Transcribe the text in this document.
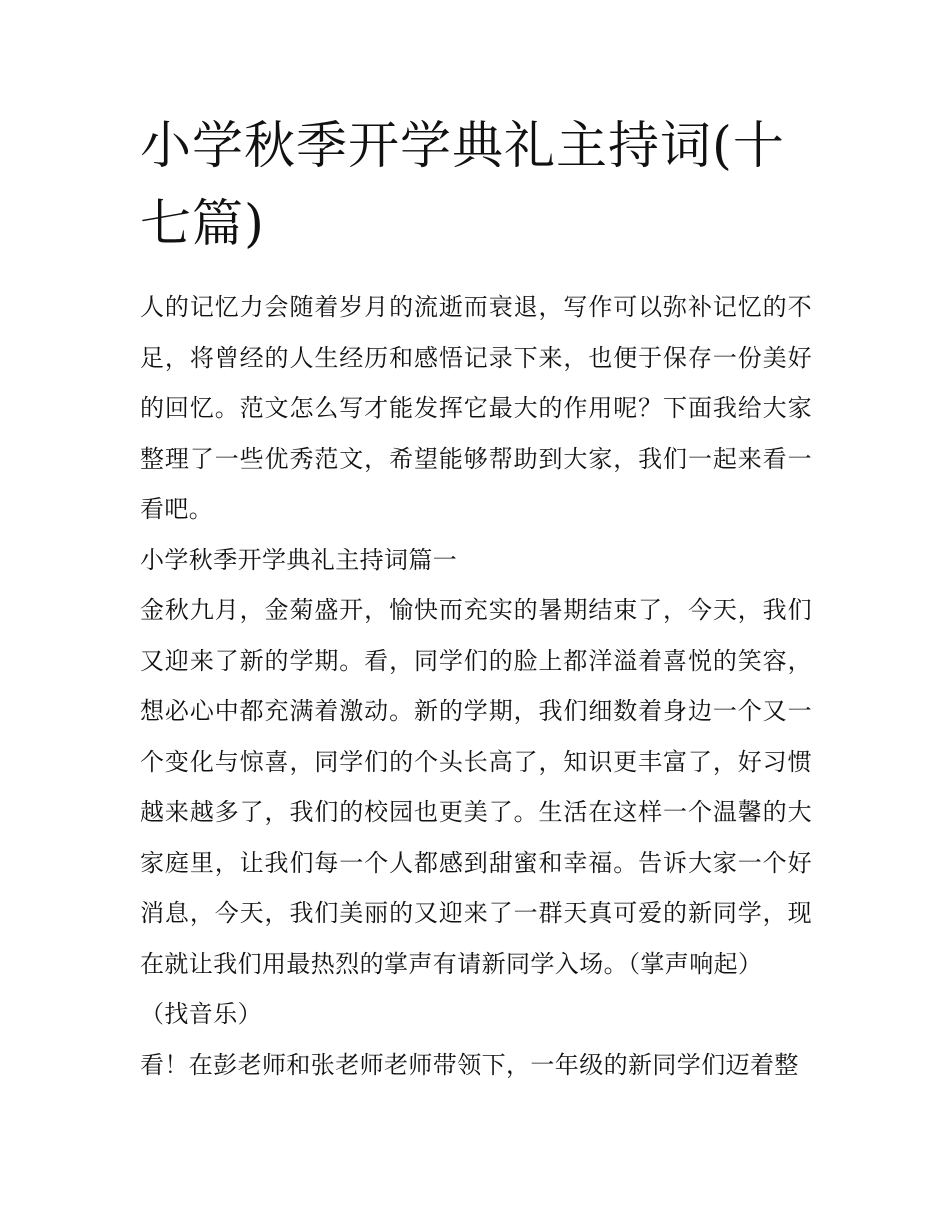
小学秋季开学典礼主持词(十七篇)

人的记忆力会随着岁月的流逝而衰退，写作可以弥补记忆的不足，将曾经的人生经历和感悟记录下来，也便于保存一份美好的回忆。范文怎么写才能发挥它最大的作用呢？下面我给大家整理了一些优秀范文，希望能够帮助到大家，我们一起来看一看吧。

小学秋季开学典礼主持词篇一

金秋九月，金菊盛开，愉快而充实的暑期结束了，今天，我们又迎来了新的学期。看，同学们的脸上都洋溢着喜悦的笑容，想必心中都充满着激动。新的学期，我们细数着身边一个又一个变化与惊喜，同学们的个头长高了，知识更丰富了，好习惯越来越多了，我们的校园也更美了。生活在这样一个温馨的大家庭里，让我们每一个人都感到甜蜜和幸福。告诉大家一个好消息，今天，我们美丽的又迎来了一群天真可爱的新同学，现在就让我们用最热烈的掌声有请新同学入场。（掌声响起）

（找音乐）

看！在彭老师和张老师老师带领下，一年级的新同学们迈着整
